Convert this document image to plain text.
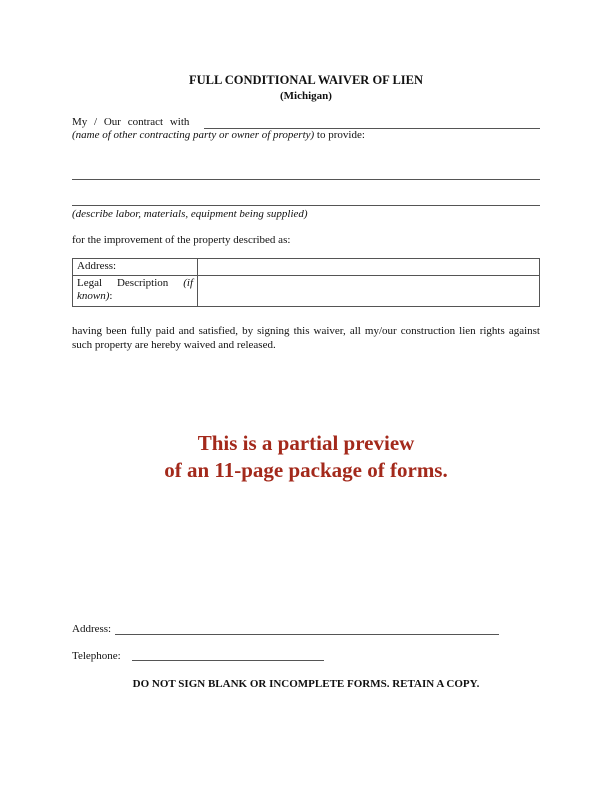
FULL CONDITIONAL WAIVER OF LIEN
(Michigan)
My / Our contract with
(name of other contracting party or owner of property) to provide:
(describe labor, materials, equipment being supplied)
for the improvement of the property described as:
Address:	
Legal Description (if known):	
having been fully paid and satisfied, by signing this waiver, all my/our construction lien rights against such property are hereby waived and released.
This is a partial preview
of an 11-page package of forms.
Address:
Telephone:
DO NOT SIGN BLANK OR INCOMPLETE FORMS. RETAIN A COPY.
